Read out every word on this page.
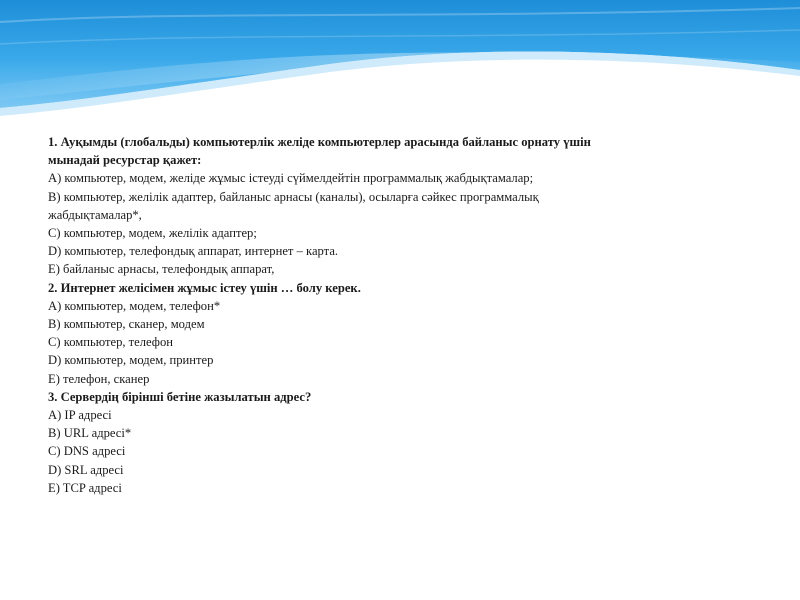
1. Ауқымды (глобальды) компьютерлік желіде компьютерлер арасында байланыс орнату үшін
мынадай ресурстар қажет:
A) компьютер, модем, желіде жұмыс істеуді сүймелдейтін программалық жабдықтамалар;
B) компьютер, желілік адаптер, байланыс арнасы (каналы), осыларға сәйкес программалық
жабдықтамалар*,
C) компьютер, модем, желілік адаптер;
D) компьютер, телефондық аппарат, интернет – карта.
E) байланыс арнасы, телефондық аппарат,
2. Интернет желісімен жұмыс істеу үшін … болу керек.
A) компьютер, модем, телефон*
B) компьютер, сканер, модем
C) компьютер, телефон
D) компьютер, модем, принтер
E) телефон, сканер
3. Сервердің бірінші бетіне жазылатын адрес?
A) IP адресі
B) URL адресі*
C) DNS адресі
D) SRL адресі
E) TCP адресі
